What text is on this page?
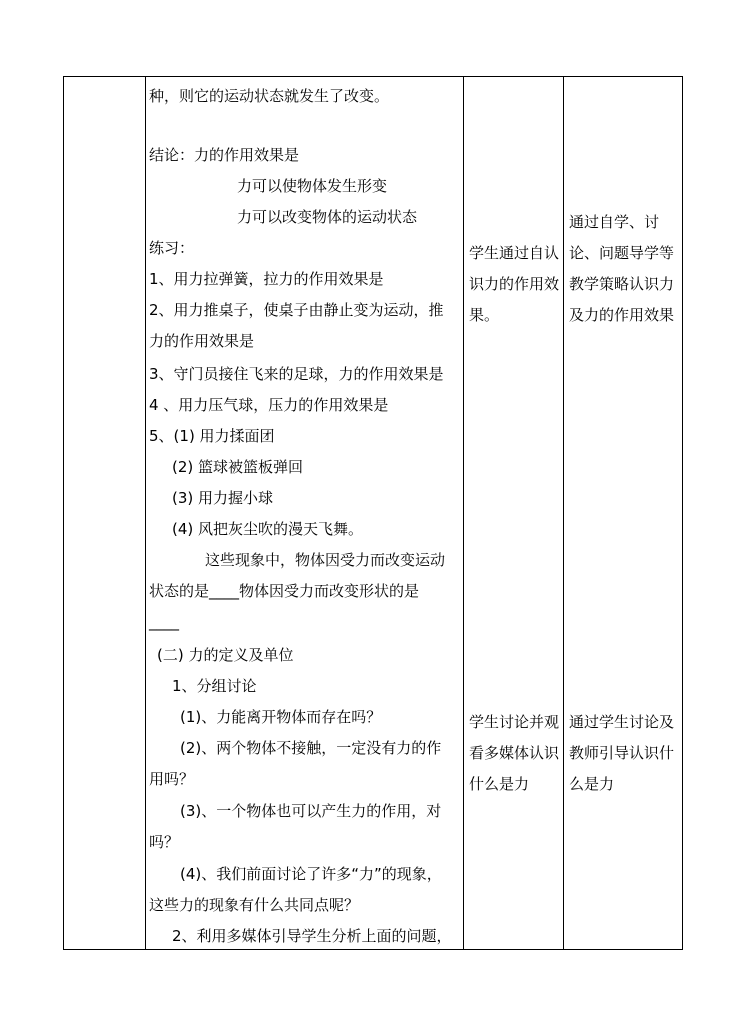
种，则它的运动状态就发生了改变。
结论：力的作用效果是
力可以使物体发生形变
力可以改变物体的运动状态
练习：
1、用力拉弹簧，拉力的作用效果是
2、用力推桌子，使桌子由静止变为运动，推
力的作用效果是
3、守门员接住飞来的足球，力的作用效果是
4 、用力压气球，压力的作用效果是
5、(1) 用力揉面团
(2) 篮球被篮板弹回
(3) 用力握小球
(4) 风把灰尘吹的漫天飞舞。
这些现象中，物体因受力而改变运动
状态的是____物体因受力而改变形状的是
____
(二) 力的定义及单位
1、分组讨论
(1)、力能离开物体而存在吗？
(2)、两个物体不接触，一定没有力的作
用吗？
(3)、一个物体也可以产生力的作用，对
吗？
(4)、我们前面讨论了许多“力”的现象，
这些力的现象有什么共同点呢？
2、利用多媒体引导学生分析上面的问题，
学生通过自认识力的作用效果。
学生讨论并观看多媒体认识什么是力
通过自学、讨论、问题导学等教学策略认识力及力的作用效果
通过学生讨论及教师引导认识什么是力
